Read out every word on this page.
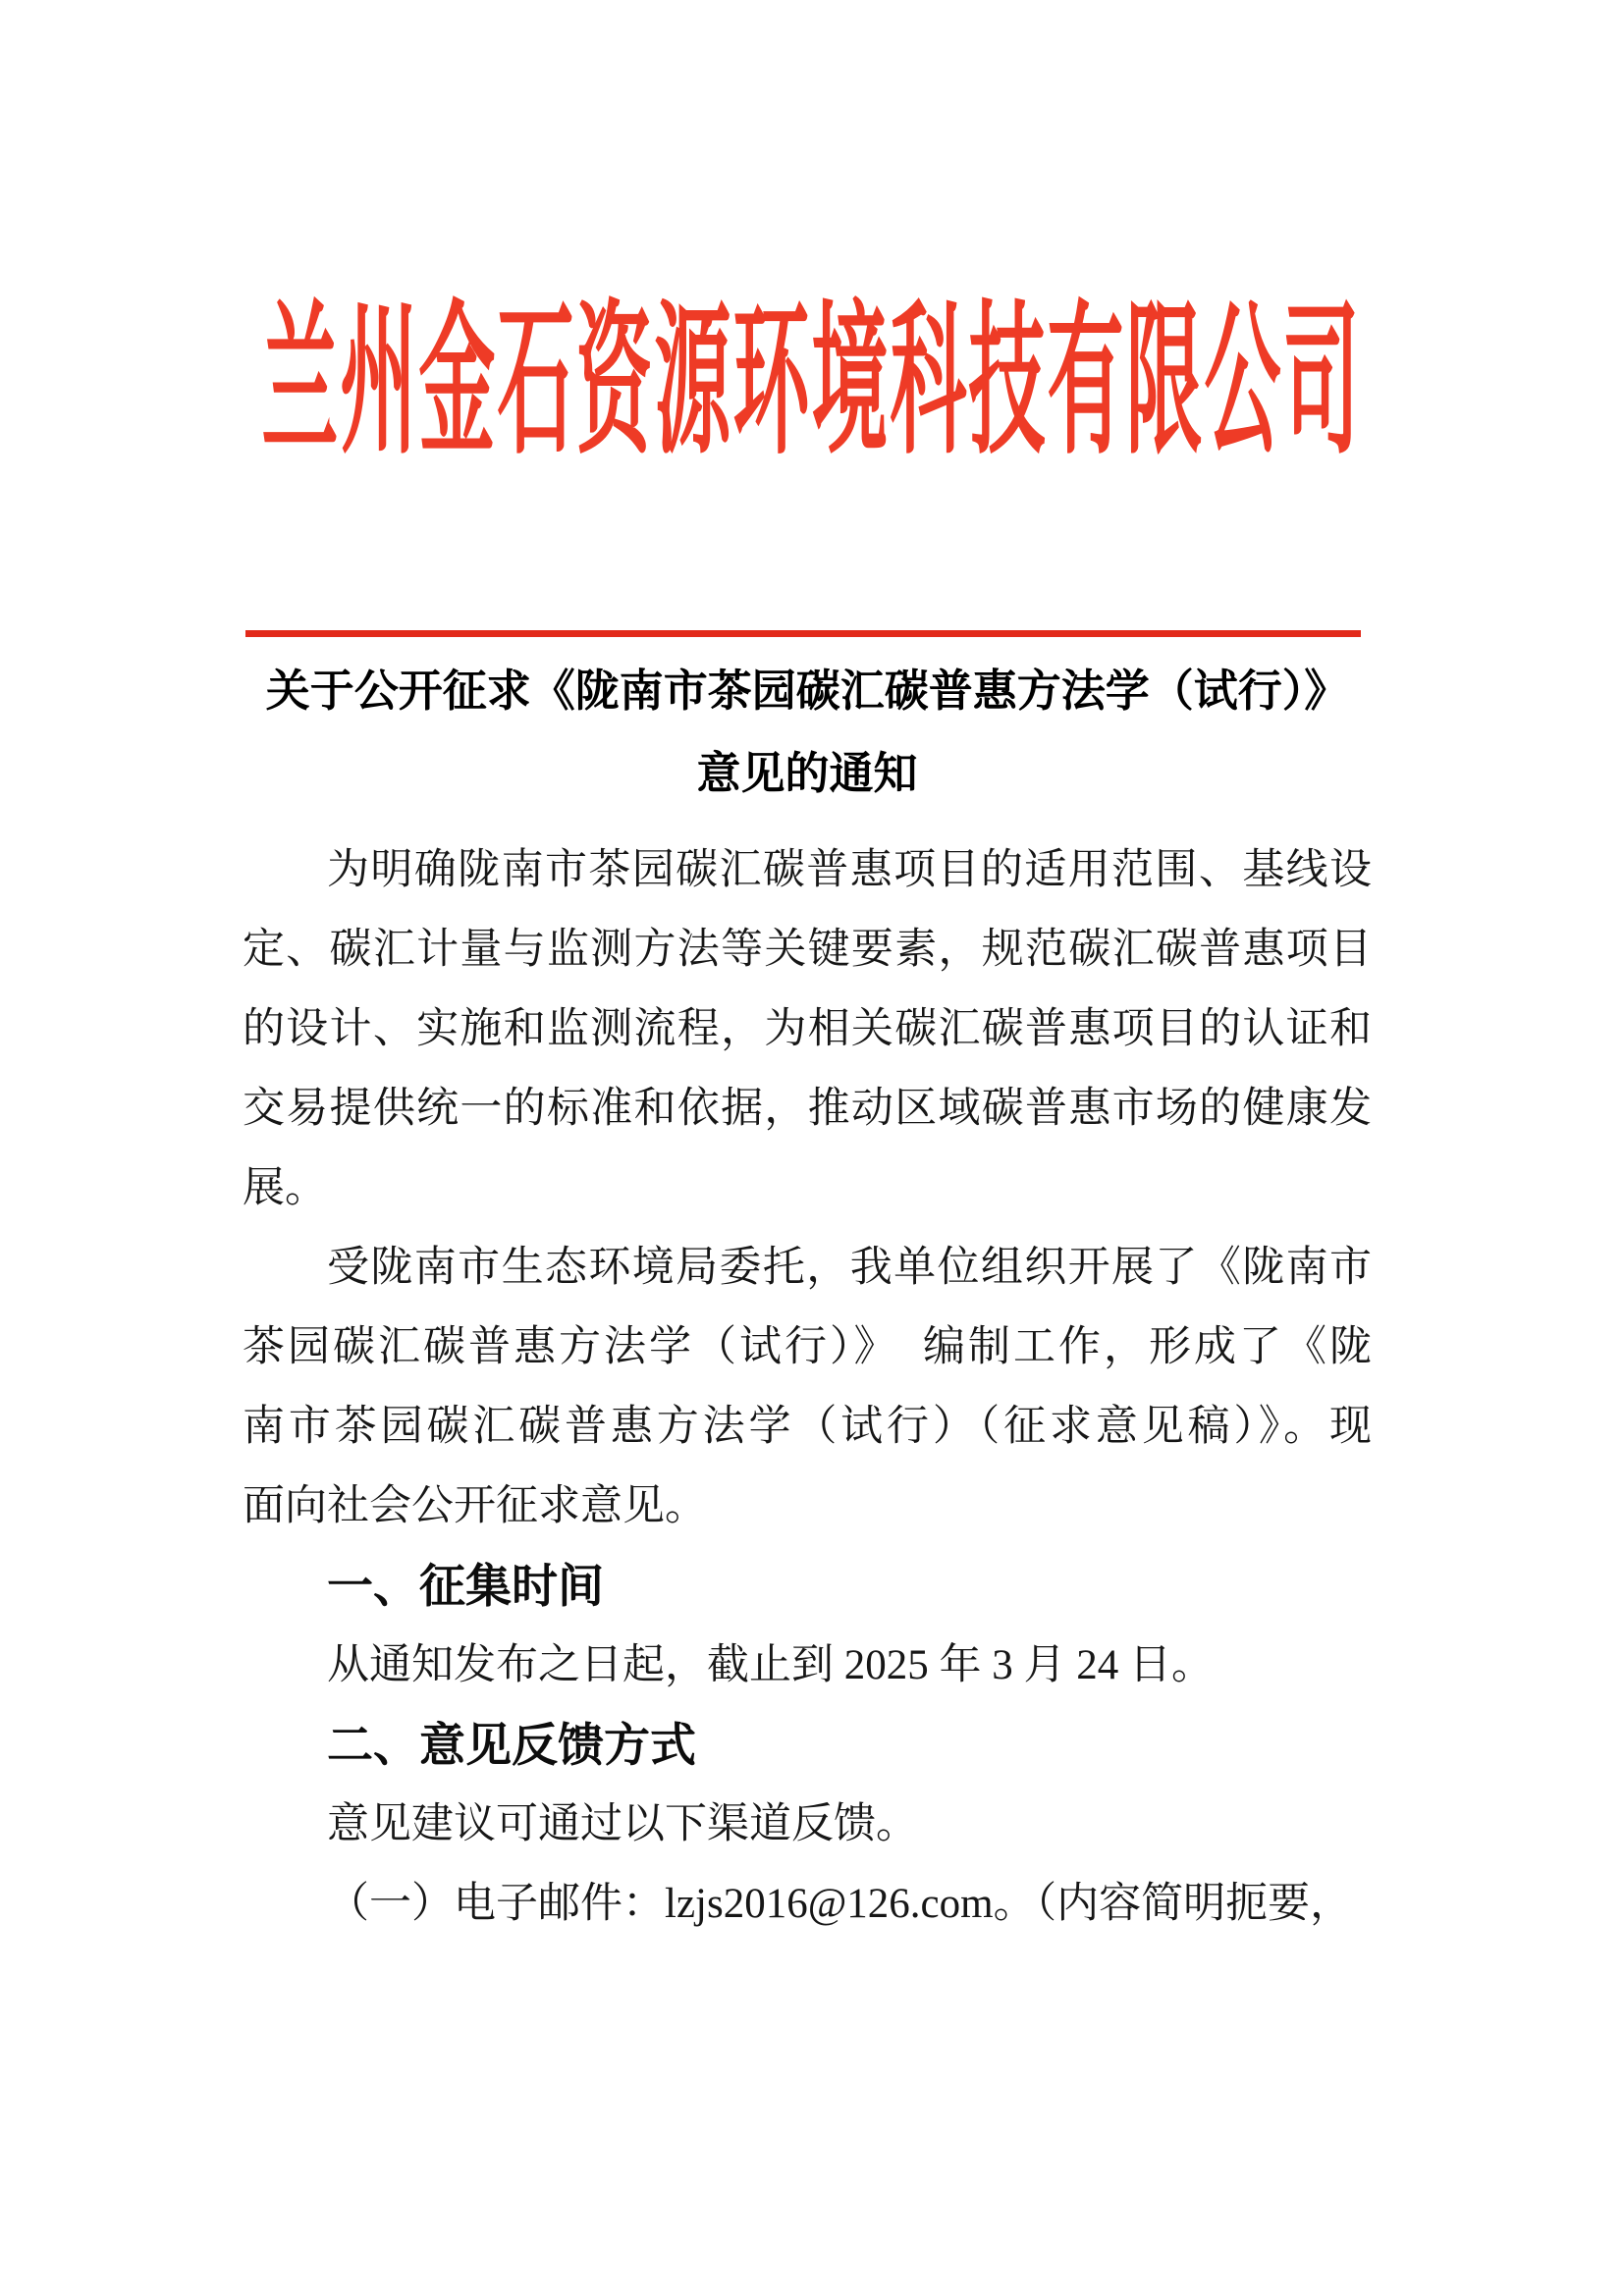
兰州金石资源环境科技有限公司
关于公开征求《陇南市茶园碳汇碳普惠方法学（试行）》
意见的通知
为明确陇南市茶园碳汇碳普惠项目的适用范围、基线设
定、碳汇计量与监测方法等关键要素，规范碳汇碳普惠项目
的设计、实施和监测流程，为相关碳汇碳普惠项目的认证和
交易提供统一的标准和依据，推动区域碳普惠市场的健康发
展。
受陇南市生态环境局委托，我单位组织开展了《陇南市
茶园碳汇碳普惠方法学（试行）》　编制工作，形成了《陇
南市茶园碳汇碳普惠方法学（试行）（征求意见稿）》。现
面向社会公开征求意见。
一、征集时间
从通知发布之日起，截止到 2025 年 3 月 24 日。
二、意见反馈方式
意见建议可通过以下渠道反馈。
（一）电子邮件：lzjs2016@126.com。（内容简明扼要，
